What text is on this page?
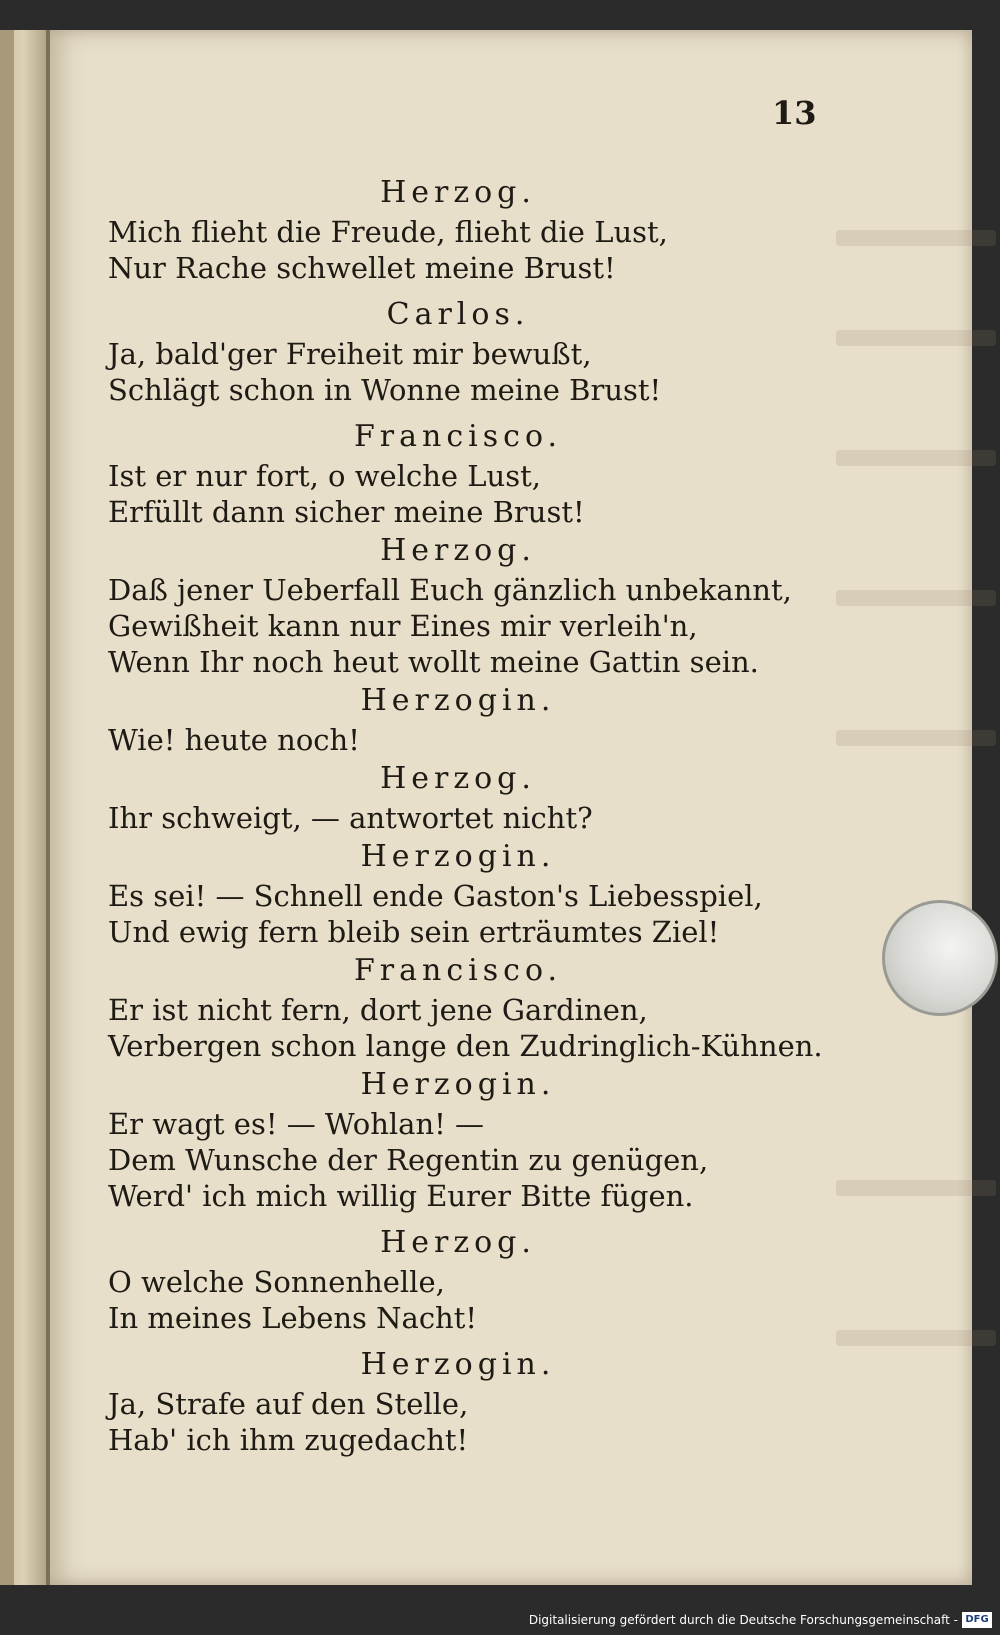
13
Herzog.
Mich flieht die Freude, flieht die Lust,
Nur Rache schwellet meine Brust!
Carlos.
Ja, bald'ger Freiheit mir bewußt,
Schlägt schon in Wonne meine Brust!
Francisco.
Ist er nur fort, o welche Lust,
Erfüllt dann sicher meine Brust!
Herzog.
Daß jener Ueberfall Euch gänzlich unbekannt,
Gewißheit kann nur Eines mir verleih'n,
Wenn Ihr noch heut wollt meine Gattin sein.
Herzogin.
Wie! heute noch!
Herzog.
Ihr schweigt, — antwortet nicht?
Herzogin.
Es sei! — Schnell ende Gaston's Liebesspiel,
Und ewig fern bleib sein erträumtes Ziel!
Francisco.
Er ist nicht fern, dort jene Gardinen,
Verbergen schon lange den Zudringlich-Kühnen.
Herzogin.
Er wagt es! — Wohlan! —
Dem Wunsche der Regentin zu genügen,
Werd' ich mich willig Eurer Bitte fügen.
Herzog.
O welche Sonnenhelle,
In meines Lebens Nacht!
Herzogin.
Ja, Strafe auf den Stelle,
Hab' ich ihm zugedacht!
Digitalisierung gefördert durch die Deutsche Forschungsgemeinschaft - DFG
